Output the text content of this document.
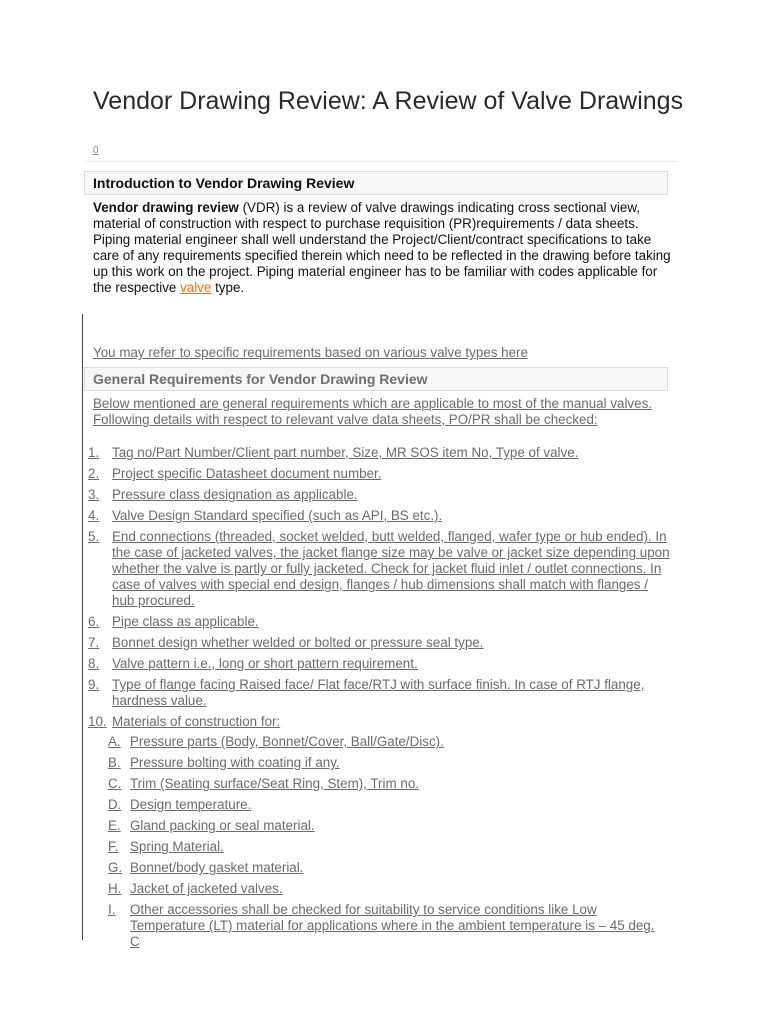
Vendor Drawing Review: A Review of Valve Drawings
0
Introduction to Vendor Drawing Review

Vendor drawing review (VDR) is a review of valve drawings indicating cross sectional view, material of construction with respect to purchase requisition (PR)requirements / data sheets.

Piping material engineer shall well understand the Project/Client/contract specifications to take care of any requirements specified therein which need to be reflected in the drawing before taking up this work on the project. Piping material engineer has to be familiar with codes applicable for the respective valve type.

You may refer to specific requirements based on various valve types here
General Requirements for Vendor Drawing Review

Below mentioned are general requirements which are applicable to most of the manual valves.

Following details with respect to relevant valve data sheets, PO/PR shall be checked:

1. Tag no/Part Number/Client part number, Size, MR SOS item No, Type of valve.
2. Project specific Datasheet document number.
3. Pressure class designation as applicable.
4. Valve Design Standard specified (such as API, BS etc.).
5. End connections (threaded, socket welded, butt welded, flanged, wafer type or hub ended). In the case of jacketed valves, the jacket flange size may be valve or jacket size depending upon whether the valve is partly or fully jacketed. Check for jacket fluid inlet / outlet connections. In case of valves with special end design, flanges / hub dimensions shall match with flanges / hub procured.
6. Pipe class as applicable.
7. Bonnet design whether welded or bolted or pressure seal type.
8. Valve pattern i.e., long or short pattern requirement.
9. Type of flange facing Raised face/ Flat face/RTJ with surface finish. In case of RTJ flange, hardness value.
10. Materials of construction for:
A. Pressure parts (Body, Bonnet/Cover, Ball/Gate/Disc).
B. Pressure bolting with coating if any.
C. Trim (Seating surface/Seat Ring, Stem), Trim no.
D. Design temperature.
E. Gland packing or seal material.
F. Spring Material.
G. Bonnet/body gasket material.
H. Jacket of jacketed valves.
I. Other accessories shall be checked for suitability to service conditions like Low Temperature (LT) material for applications where in the ambient temperature is – 45 deg. C
